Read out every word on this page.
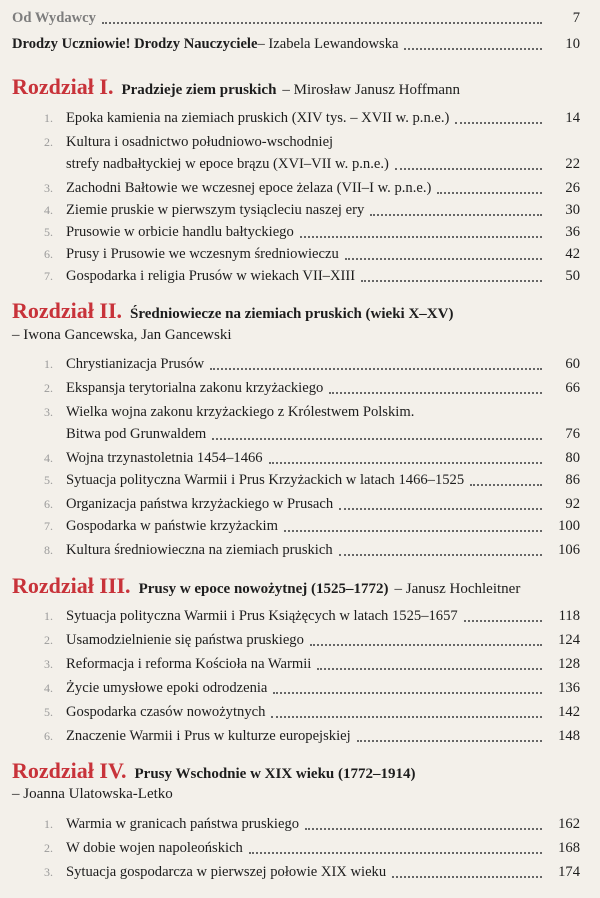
Od Wydawcy	7
Drodzy Uczniowie! Drodzy Nauczyciele – Izabela Lewandowska	10
Rozdział I. Pradzieje ziem pruskich – Mirosław Janusz Hoffmann
1. Epoka kamienia na ziemiach pruskich (XIV tys. – XVII w. p.n.e.)	14
2. Kultura i osadnictwo południowo-wschodniej
strefy nadbałtyckiej w epoce brązu (XVI–VII w. p.n.e.)	22
3. Zachodni Bałtowie we wczesnej epoce żelaza (VII–I w. p.n.e.)	26
4. Ziemie pruskie w pierwszym tysiącleciu naszej ery	30
5. Prusowie w orbicie handlu bałtyckiego	36
6. Prusy i Prusowie we wczesnym średniowieczu	42
7. Gospodarka i religia Prusów w wiekach VII–XIII	50
Rozdział II. Średniowiecze na ziemiach pruskich (wieki X–XV)
– Iwona Gancewska, Jan Gancewski
1. Chrystianizacja Prusów	60
2. Ekspansja terytorialna zakonu krzyżackiego	66
3. Wielka wojna zakonu krzyżackiego z Królestwem Polskim.
Bitwa pod Grunwaldem	76
4. Wojna trzynastoletnia 1454–1466	80
5. Sytuacja polityczna Warmii i Prus Krzyżackich w latach 1466–1525	86
6. Organizacja państwa krzyżackiego w Prusach	92
7. Gospodarka w państwie krzyżackim	100
8. Kultura średniowieczna na ziemiach pruskich	106
Rozdział III. Prusy w epoce nowożytnej (1525–1772) – Janusz Hochleitner
1. Sytuacja polityczna Warmii i Prus Książęcych w latach 1525–1657	118
2. Usamodzielnienie się państwa pruskiego	124
3. Reformacja i reforma Kościoła na Warmii	128
4. Życie umysłowe epoki odrodzenia	136
5. Gospodarka czasów nowożytnych	142
6. Znaczenie Warmii i Prus w kulturze europejskiej	148
Rozdział IV. Prusy Wschodnie w XIX wieku (1772–1914)
– Joanna Ulatowska-Letko
1. Warmia w granicach państwa pruskiego	162
2. W dobie wojen napoleońskich	168
3. Sytuacja gospodarcza w pierwszej połowie XIX wieku	174
